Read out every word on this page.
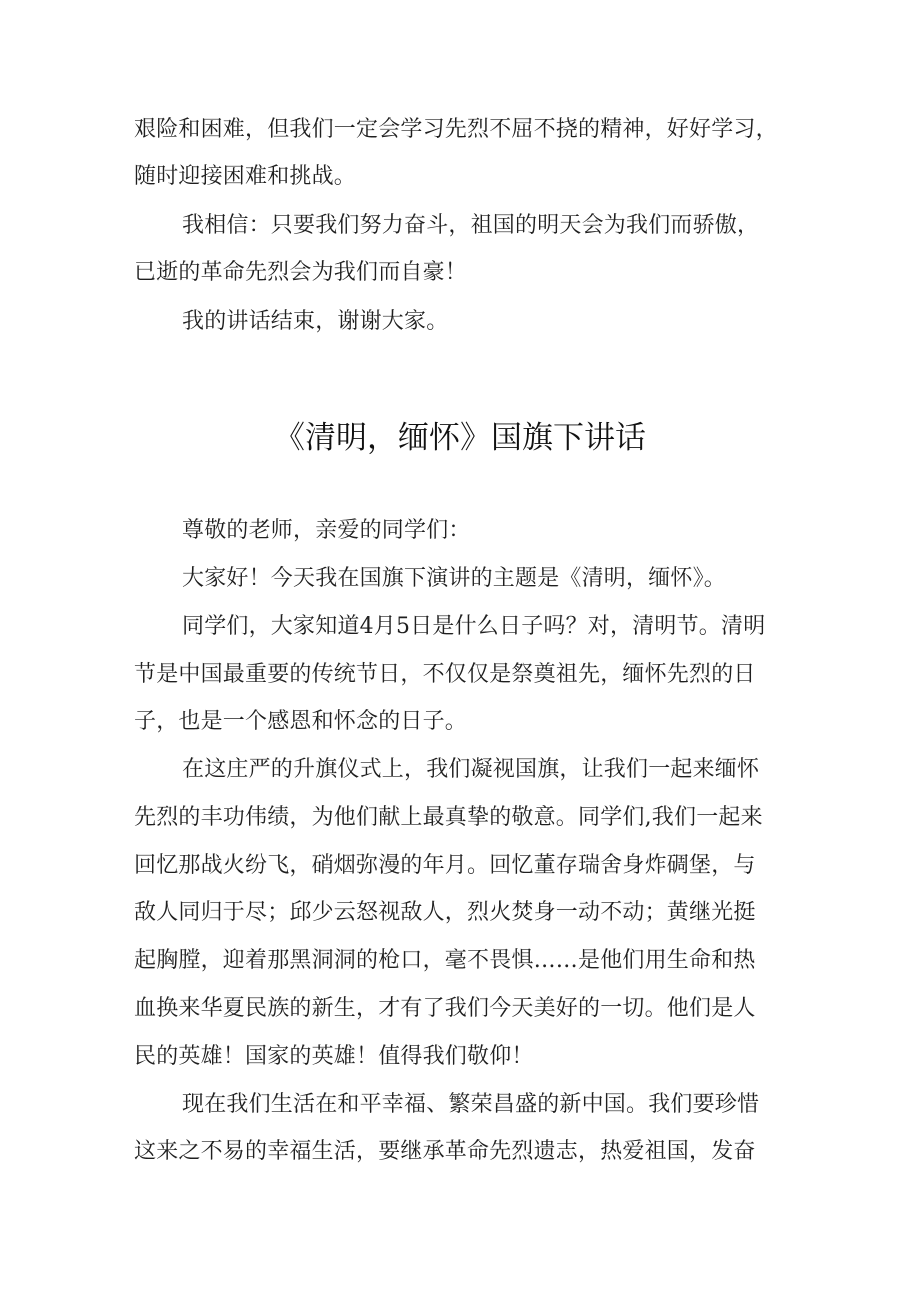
艰险和困难，但我们一定会学习先烈不屈不挠的精神，好好学习，
随时迎接困难和挑战。
我相信：只要我们努力奋斗，祖国的明天会为我们而骄傲，
已逝的革命先烈会为我们而自豪！
我的讲话结束，谢谢大家。
《清明，缅怀》国旗下讲话
尊敬的老师，亲爱的同学们：
大家好！今天我在国旗下演讲的主题是《清明，缅怀》。
同学们，大家知道4月5日是什么日子吗？对，清明节。清明
节是中国最重要的传统节日，不仅仅是祭奠祖先，缅怀先烈的日
子，也是一个感恩和怀念的日子。
在这庄严的升旗仪式上，我们凝视国旗，让我们一起来缅怀
先烈的丰功伟绩，为他们献上最真挚的敬意。同学们,我们一起来
回忆那战火纷飞，硝烟弥漫的年月。回忆董存瑞舍身炸碉堡，与
敌人同归于尽；邱少云怒视敌人，烈火焚身一动不动；黄继光挺
起胸膛，迎着那黑洞洞的枪口，毫不畏惧……是他们用生命和热
血换来华夏民族的新生，才有了我们今天美好的一切。他们是人
民的英雄！国家的英雄！值得我们敬仰！
现在我们生活在和平幸福、繁荣昌盛的新中国。我们要珍惜
这来之不易的幸福生活，要继承革命先烈遗志，热爱祖国，发奋
